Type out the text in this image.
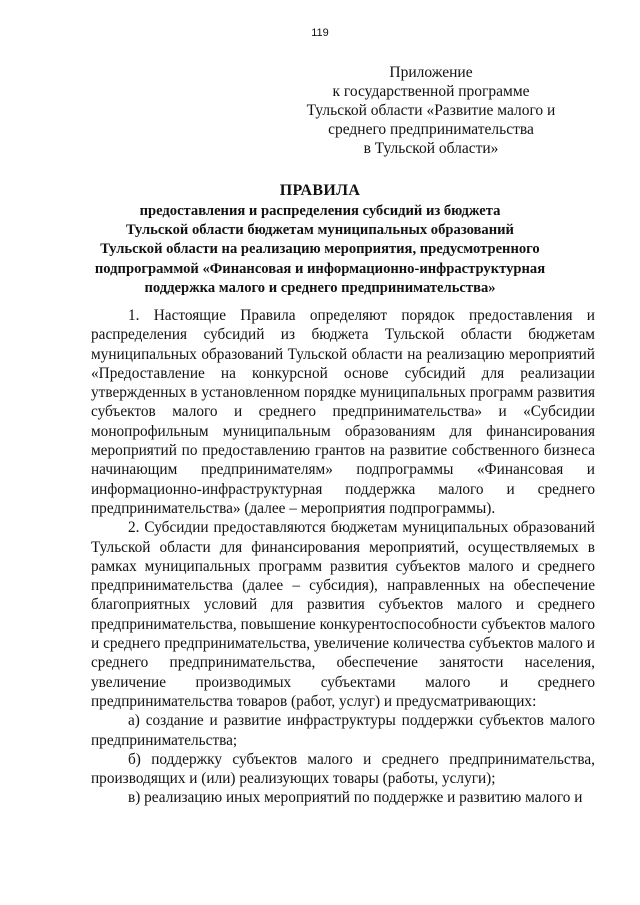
119
Приложение
к государственной программе
Тульской области «Развитие малого и
среднего предпринимательства
в Тульской области»
ПРАВИЛА
предоставления и распределения субсидий из бюджета
Тульской области бюджетам муниципальных образований
Тульской области на реализацию мероприятия, предусмотренного
подпрограммой «Финансовая и информационно-инфраструктурная
поддержка малого и среднего предпринимательства»
1. Настоящие Правила определяют порядок предоставления и
распределения субсидий из бюджета Тульской области бюджетам
муниципальных образований Тульской области на реализацию мероприятий
«Предоставление на конкурсной основе субсидий для реализации
утвержденных в установленном порядке муниципальных программ развития
субъектов малого и среднего предпринимательства» и «Субсидии
монопрофильным муниципальным образованиям для финансирования
мероприятий по предоставлению грантов на развитие собственного бизнеса
начинающим предпринимателям» подпрограммы «Финансовая и
информационно-инфраструктурная поддержка малого и среднего
предпринимательства» (далее – мероприятия подпрограммы).
2. Субсидии предоставляются бюджетам муниципальных образований
Тульской области для финансирования мероприятий, осуществляемых в
рамках муниципальных программ развития субъектов малого и среднего
предпринимательства (далее – субсидия), направленных на обеспечение
благоприятных условий для развития субъектов малого и среднего
предпринимательства, повышение конкурентоспособности субъектов малого
и среднего предпринимательства, увеличение количества субъектов малого и
среднего предпринимательства, обеспечение занятости населения,
увеличение производимых субъектами малого и среднего
предпринимательства товаров (работ, услуг) и предусматривающих:
а) создание и развитие инфраструктуры поддержки субъектов малого
предпринимательства;
б) поддержку субъектов малого и среднего предпринимательства,
производящих и (или) реализующих товары (работы, услуги);
в) реализацию иных мероприятий по поддержке и развитию малого и
